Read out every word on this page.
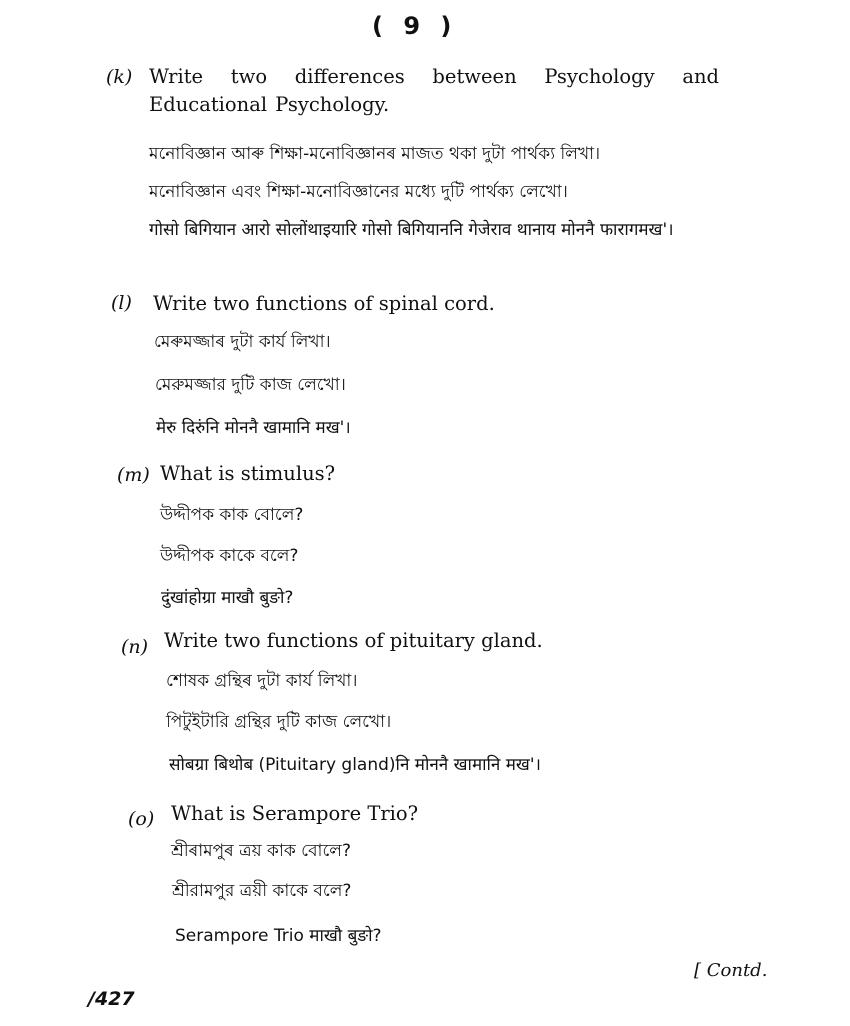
( 9 )
(k) Write two differences between Psychology and Educational Psychology.
মনোবিজ্ঞান আৰু শিক্ষা-মনোবিজ্ঞানৰ মাজত থকা দুটা পাৰ্থক্য লিখা।
মনোবিজ্ঞান এবং শিক্ষা-মনোবিজ্ঞানের মধ্যে দুটি পার্থক্য লেখো।
गोसो बिगियान आरो सोलोंथाइयारि गोसो बिगियाननि गेजेराव थानाय मोननै फारागमख'।
(l) Write two functions of spinal cord.
মেৰুমজ্জাৰ দুটা কাৰ্য লিখা।
মেরুমজ্জার দুটি কাজ লেখো।
मेरु दिरुंनि मोननै खामानि मख'।
(m) What is stimulus?
উদ্দীপক কাক বোলে?
উদ্দীপক কাকে বলে?
दुंखांहोग्रा माखौ बुङो?
(n) Write two functions of pituitary gland.
শোষক গ্ৰন্থিৰ দুটা কাৰ্য লিখা।
পিটুইটারি গ্রন্থির দুটি কাজ লেখো।
सोबग्रा बिथोब (Pituitary gland)नि मोननै खामानि मख'।
(o) What is Serampore Trio?
শ্ৰীৰামপুৰ ত্ৰয় কাক বোলে?
শ্রীরামপুর ত্রয়ী কাকে বলে?
Serampore Trio माखौ बुङो?
[ Contd.
/427
